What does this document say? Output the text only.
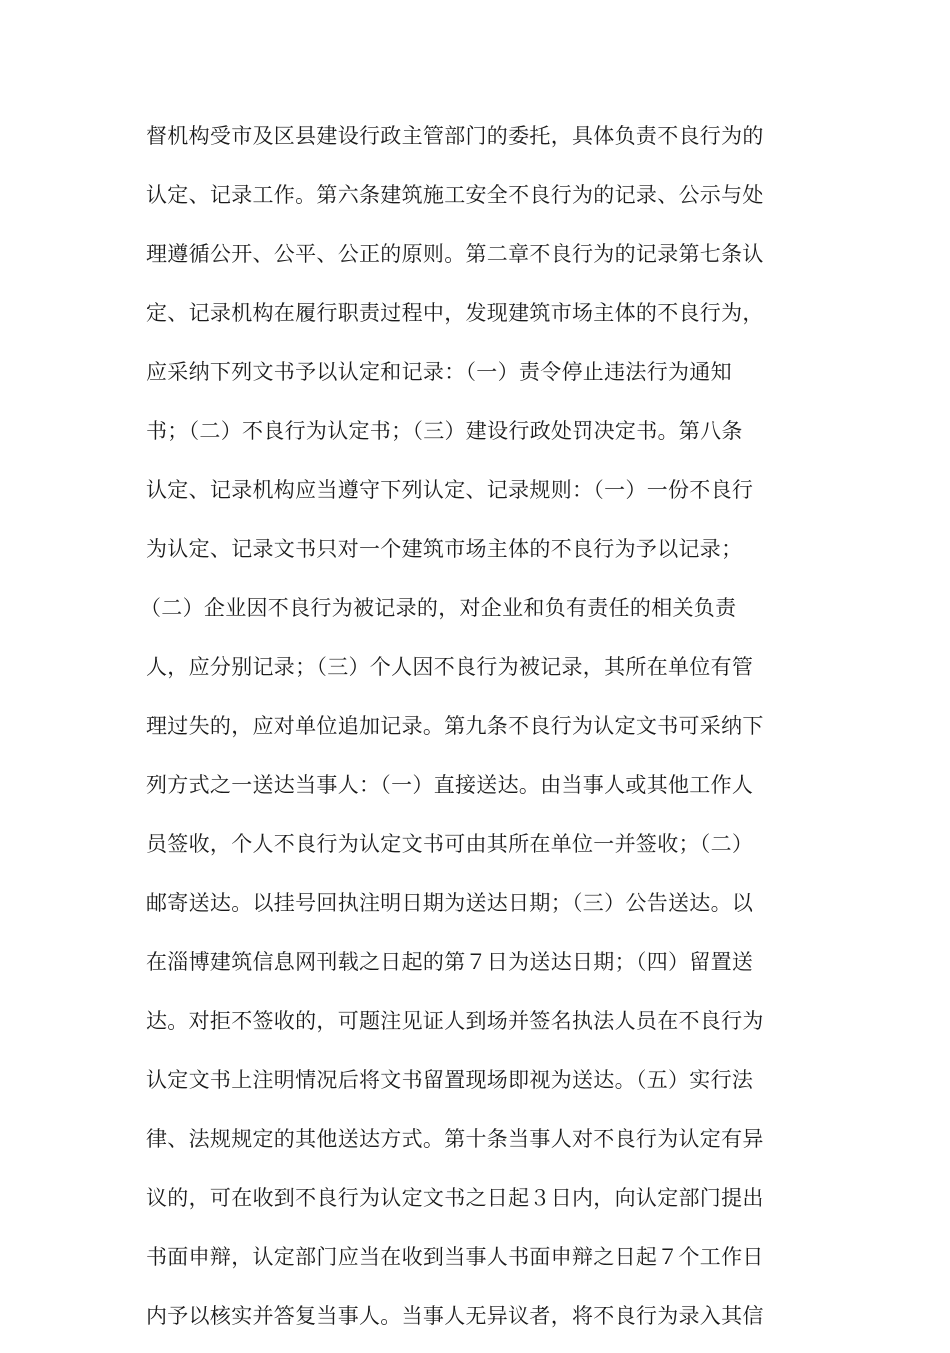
督机构受市及区县建设行政主管部门的委托，具体负责不良行为的
认定、记录工作。第六条建筑施工安全不良行为的记录、公示与处
理遵循公开、公平、公正的原则。第二章不良行为的记录第七条认
定、记录机构在履行职责过程中，发现建筑市场主体的不良行为，
应采纳下列文书予以认定和记录：（一）责令停止违法行为通知
书；（二）不良行为认定书；（三）建设行政处罚决定书。第八条
认定、记录机构应当遵守下列认定、记录规则：（一）一份不良行
为认定、记录文书只对一个建筑市场主体的不良行为予以记录；
（二）企业因不良行为被记录的，对企业和负有责任的相关负责
人，应分别记录；（三）个人因不良行为被记录，其所在单位有管
理过失的，应对单位追加记录。第九条不良行为认定文书可采纳下
列方式之一送达当事人：（一）直接送达。由当事人或其他工作人
员签收，个人不良行为认定文书可由其所在单位一并签收；（二）
邮寄送达。以挂号回执注明日期为送达日期；（三）公告送达。以
在淄博建筑信息网刊载之日起的第７日为送达日期；（四）留置送
达。对拒不签收的，可题注见证人到场并签名执法人员在不良行为
认定文书上注明情况后将文书留置现场即视为送达。（五）实行法
律、法规规定的其他送达方式。第十条当事人对不良行为认定有异
议的，可在收到不良行为认定文书之日起３日内，向认定部门提出
书面申辩，认定部门应当在收到当事人书面申辩之日起７个工作日
内予以核实并答复当事人。当事人无异议者，将不良行为录入其信
